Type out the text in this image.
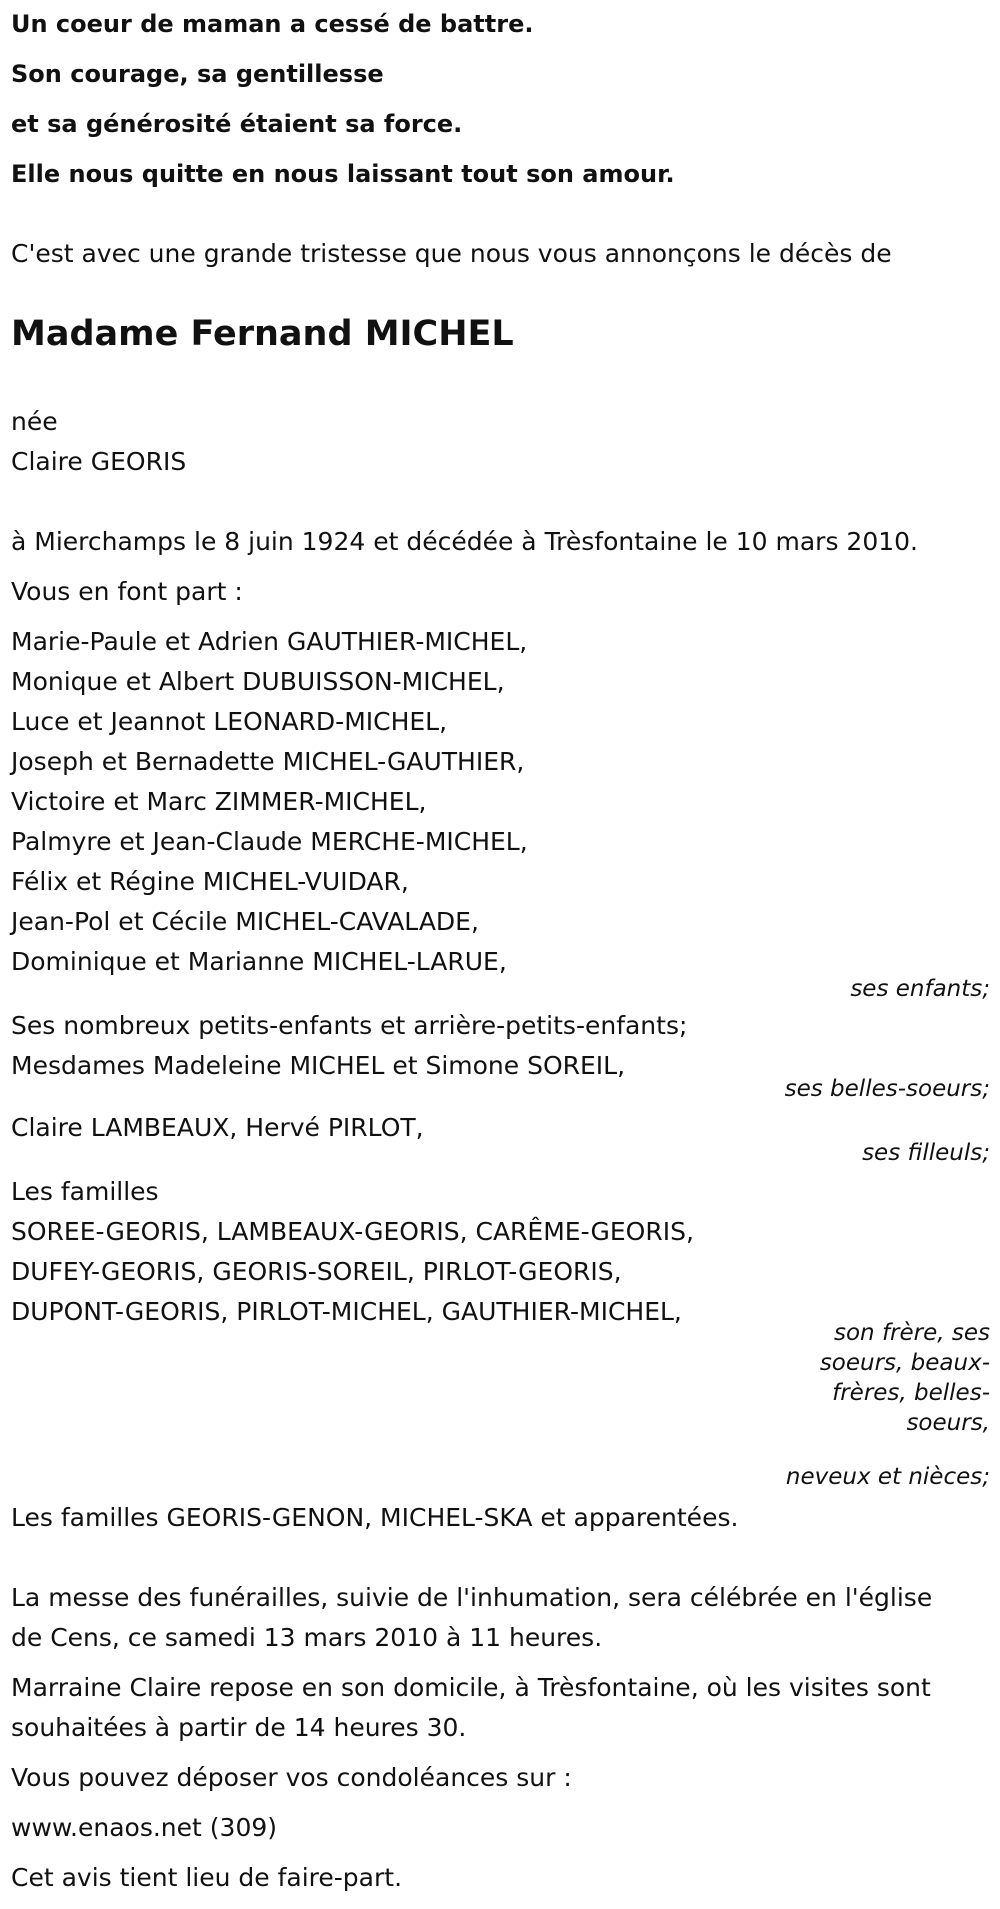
Un coeur de maman a cessé de battre.
Son courage, sa gentillesse
et sa générosité étaient sa force.
Elle nous quitte en nous laissant tout son amour.
C'est avec une grande tristesse que nous vous annonçons le décès de
Madame Fernand MICHEL
née
Claire GEORIS
à Mierchamps le 8 juin 1924 et décédée à Trèsfontaine le 10 mars 2010.
Vous en font part :
Marie-Paule et Adrien GAUTHIER-MICHEL,
Monique et Albert DUBUISSON-MICHEL,
Luce et Jeannot LEONARD-MICHEL,
Joseph et Bernadette MICHEL-GAUTHIER,
Victoire et Marc ZIMMER-MICHEL,
Palmyre et Jean-Claude MERCHE-MICHEL,
Félix et Régine MICHEL-VUIDAR,
Jean-Pol et Cécile MICHEL-CAVALADE,
Dominique et Marianne MICHEL-LARUE,
ses enfants;
Ses nombreux petits-enfants et arrière-petits-enfants;
Mesdames Madeleine MICHEL et Simone SOREIL,
ses belles-soeurs;
Claire LAMBEAUX, Hervé PIRLOT,
ses filleuls;
Les familles
SOREE-GEORIS, LAMBEAUX-GEORIS, CARÊME-GEORIS,
DUFEY-GEORIS, GEORIS-SOREIL, PIRLOT-GEORIS,
DUPONT-GEORIS, PIRLOT-MICHEL, GAUTHIER-MICHEL,
son frère, ses soeurs, beaux-frères, belles-soeurs,
neveux et nièces;
Les familles GEORIS-GENON, MICHEL-SKA et apparentées.
La messe des funérailles, suivie de l'inhumation, sera célébrée en l'église
de Cens, ce samedi 13 mars 2010 à 11 heures.
Marraine Claire repose en son domicile, à Trèsfontaine, où les visites sont
souhaitées à partir de 14 heures 30.
Vous pouvez déposer vos condoléances sur :
www.enaos.net (309)
Cet avis tient lieu de faire-part.
